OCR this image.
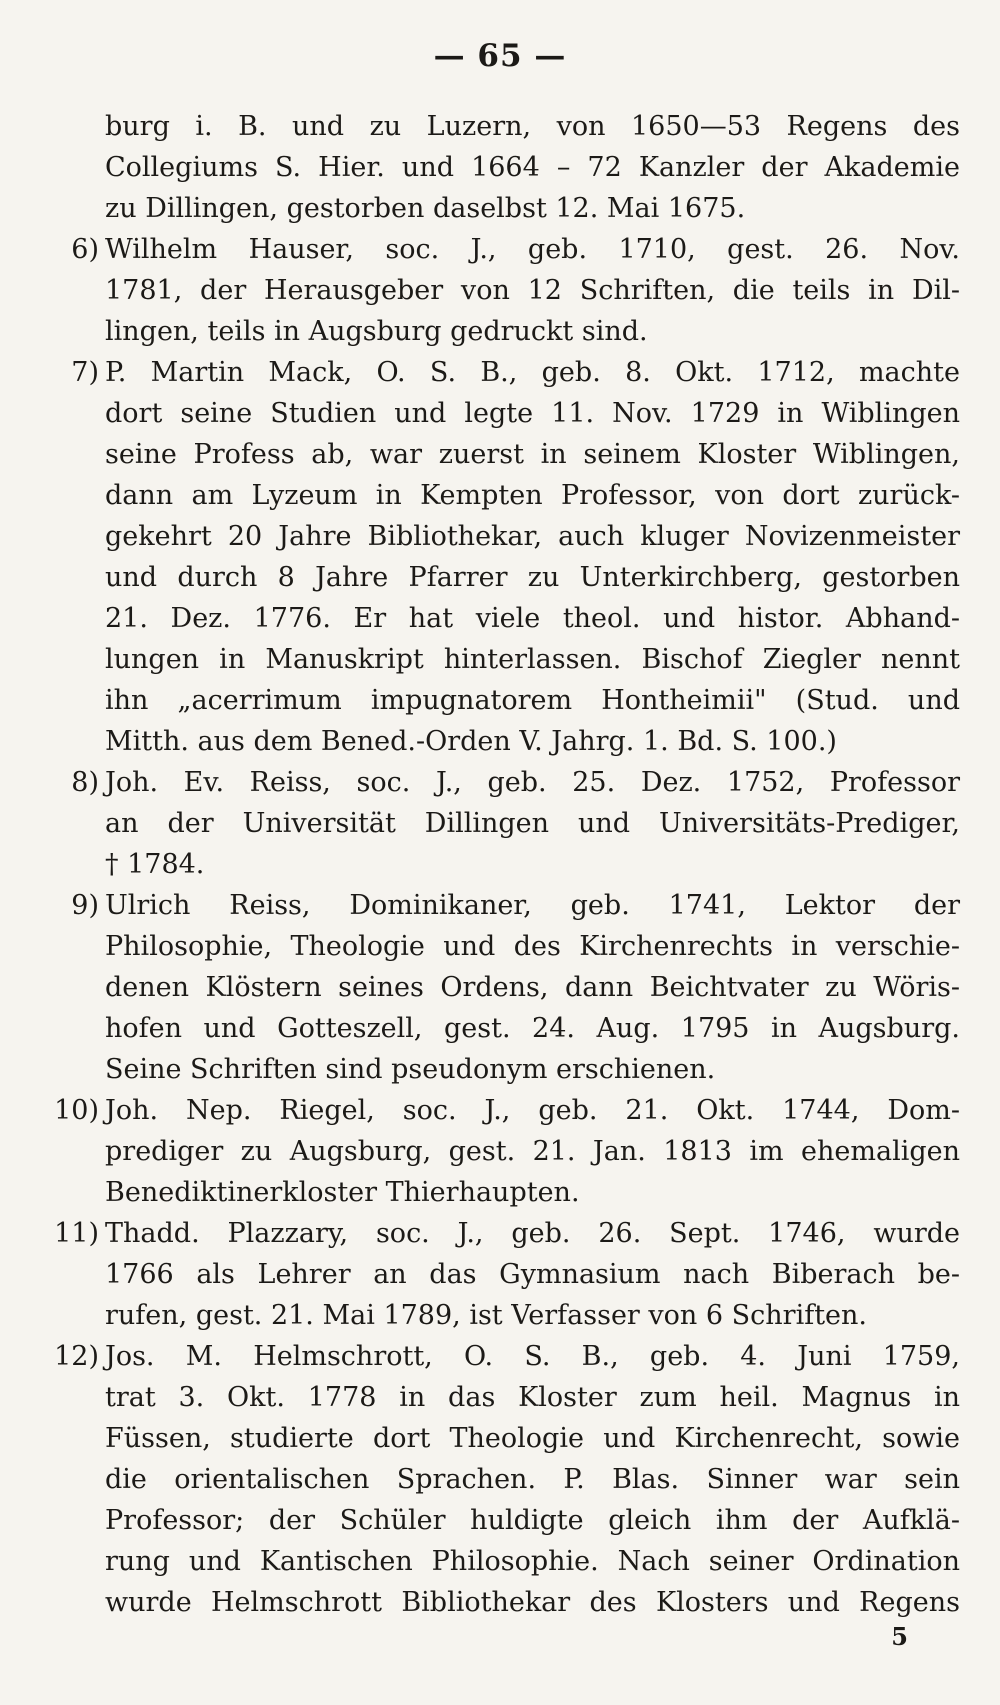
— 65 —
burg i. B. und zu Luzern, von 1650—53 Regens des
Collegiums S. Hier. und 1664 – 72 Kanzler der Akademie
zu Dillingen, gestorben daselbst 12. Mai 1675.
6) Wilhelm Hauser, soc. J., geb. 1710, gest. 26. Nov.
1781, der Herausgeber von 12 Schriften, die teils in Dil-
lingen, teils in Augsburg gedruckt sind.
7) P. Martin Mack, O. S. B., geb. 8. Okt. 1712, machte
dort seine Studien und legte 11. Nov. 1729 in Wiblingen
seine Profess ab, war zuerst in seinem Kloster Wiblingen,
dann am Lyzeum in Kempten Professor, von dort zurück-
gekehrt 20 Jahre Bibliothekar, auch kluger Novizenmeister
und durch 8 Jahre Pfarrer zu Unterkirchberg, gestorben
21. Dez. 1776. Er hat viele theol. und histor. Abhand-
lungen in Manuskript hinterlassen. Bischof Ziegler nennt
ihn „acerrimum impugnatorem Hontheimii" (Stud. und
Mitth. aus dem Bened.-Orden V. Jahrg. 1. Bd. S. 100.)
8) Joh. Ev. Reiss, soc. J., geb. 25. Dez. 1752, Professor
an der Universität Dillingen und Universitäts-Prediger,
† 1784.
9) Ulrich Reiss, Dominikaner, geb. 1741, Lektor der
Philosophie, Theologie und des Kirchenrechts in verschie-
denen Klöstern seines Ordens, dann Beichtvater zu Wöris-
hofen und Gotteszell, gest. 24. Aug. 1795 in Augsburg.
Seine Schriften sind pseudonym erschienen.
10) Joh. Nep. Riegel, soc. J., geb. 21. Okt. 1744, Dom-
prediger zu Augsburg, gest. 21. Jan. 1813 im ehemaligen
Benediktinerkloster Thierhaupten.
11) Thadd. Plazzary, soc. J., geb. 26. Sept. 1746, wurde
1766 als Lehrer an das Gymnasium nach Biberach be-
rufen, gest. 21. Mai 1789, ist Verfasser von 6 Schriften.
12) Jos. M. Helmschrott, O. S. B., geb. 4. Juni 1759,
trat 3. Okt. 1778 in das Kloster zum heil. Magnus in
Füssen, studierte dort Theologie und Kirchenrecht, sowie
die orientalischen Sprachen. P. Blas. Sinner war sein
Professor; der Schüler huldigte gleich ihm der Aufklä-
rung und Kantischen Philosophie. Nach seiner Ordination
wurde Helmschrott Bibliothekar des Klosters und Regens
5
